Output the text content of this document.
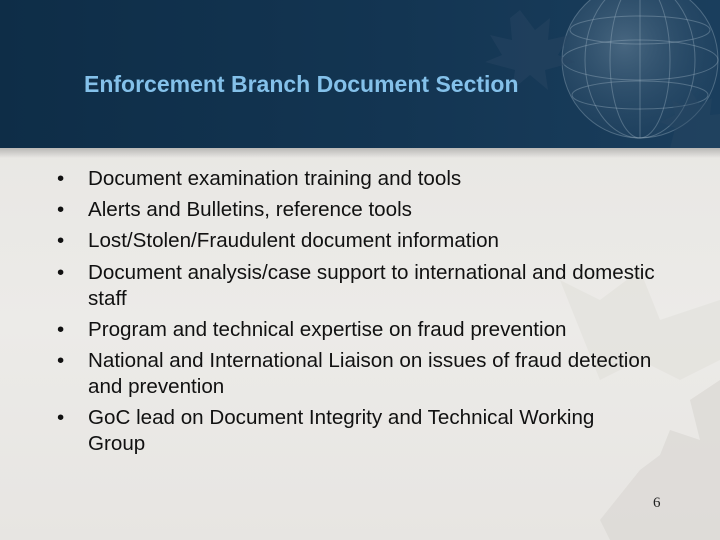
Enforcement Branch Document Section
•	Document examination training and tools
•	Alerts and Bulletins, reference tools
•	Lost/Stolen/Fraudulent document information
•	Document analysis/case support to international and domestic staff
•	Program and technical expertise on fraud prevention
•	National and International Liaison on issues of fraud detection and prevention
•	GoC lead on Document Integrity and Technical Working Group
6
